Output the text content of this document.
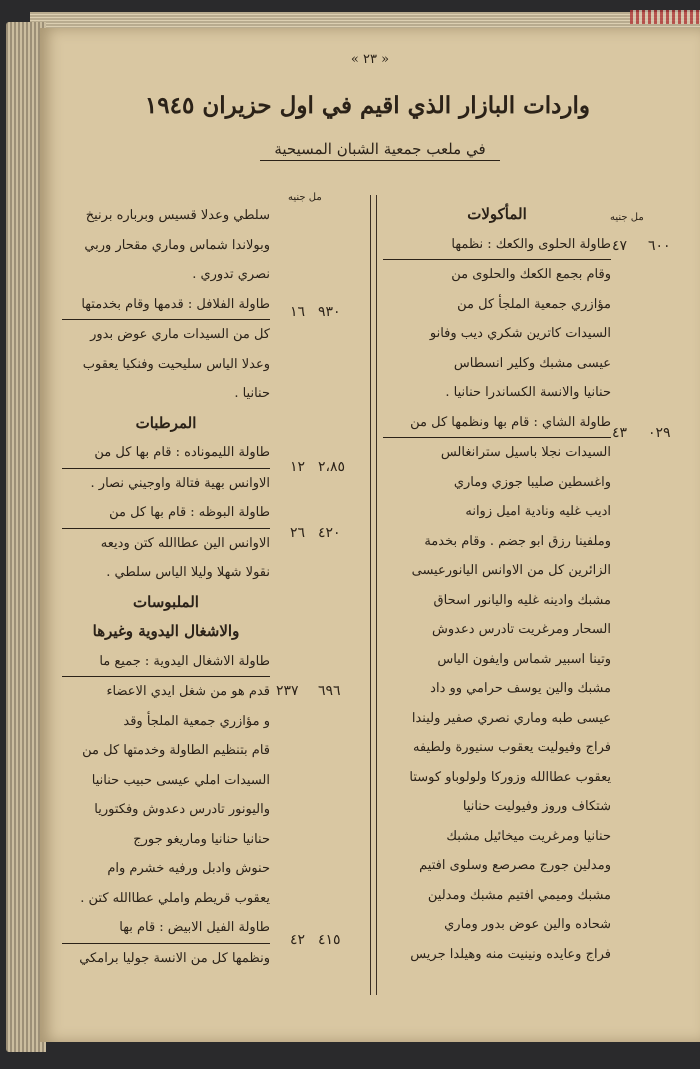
« ٢٣ »
واردات البازار الذي اقيم في اول حزيران ١٩٤٥
في ملعب جمعية الشبان المسيحية
مل جنيه
مل جنيه
المأكولات
طاولة الحلوى والكعك : نظمها
وقام بجمع الكعك والحلوى من
مؤازري جمعية الملجأ كل من
السيدات كاترين شكري ديب وفانو
عيسى مشبك وكلير انسطاس
حنانيا والانسة الكساندرا حنانيا .
طاولة الشاي : قام بها ونظمها كل من
السيدات نجلا باسيل سترانغالس
واغسطين صليبا جوزي وماري
اديب غليه ونادية اميل زوانه
وملفينا رزق ابو جضم . وقام بخدمة
الزائرين كل من الاوانس اليانورعيسى
مشبك وادينه غليه واليانور اسحاق
السحار ومرغريت تادرس دعدوش
وتينا اسبير شماس وايفون الياس
مشبك والين يوسف حرامي وو داد
عيسى طبه وماري نصري صفير وليندا
فراج وفيوليت يعقوب سنيورة ولطيفه
يعقوب عطاالله وزوركا ولولوباو كوستا
شتكاف وروز وفيوليت حنانيا
حنانيا ومرغريت ميخائيل مشبك
ومدلين جورج مصرصع وسلوى افتيم
مشبك وميمي افتيم مشبك ومدلين
شحاده والين عوض بدور وماري
فراج وعايده ونينيت منه وهيلدا جريس
٤٧ ٦٠٠
٤٣ ٠٢٩
سلطي وعدلا قسيس وبرباره برنيخ
وبولاندا شماس وماري مقحار وربي
نصري تدوري .
طاولة الفلافل : قدمها وقام بخدمتها
كل من السيدات ماري عوض بدور
وعدلا الياس سليحيت وفنكيا يعقوب
حنانيا .
المرطبات
طاولة الليموناده : قام بها كل من
الاوانس بهية فتالة واوجيني نصار .
طاولة البوظه : قام بها كل من
الاوانس الين عطاالله كتن وديعه
نقولا شهلا وليلا الياس سلطي .
الملبوسات
والاشغال اليدوية وغيرها
طاولة الاشغال اليدوية : جميع ما
قدم هو من شغل ايدي الاعضاء
و مؤازري جمعية الملجأ وقد
قام بتنظيم الطاولة وخدمتها كل من
السيدات املي عيسى حبيب حنانيا
واليونور تادرس دعدوش وفكتوريا
حنانيا حنانيا وماريغو جورج
حنوش وادبل ورفيه خشرم وام
يعقوب قريطم واملي عطاالله كتن .
طاولة الفيل الابيض : قام بها
ونظمها كل من الانسة جوليا برامكي
١٦ ٩٣٠
١٢ ٢،٨٥
٢٦ ٤٢٠
٢٣٧ ٦٩٦
٤٢ ٤١٥
